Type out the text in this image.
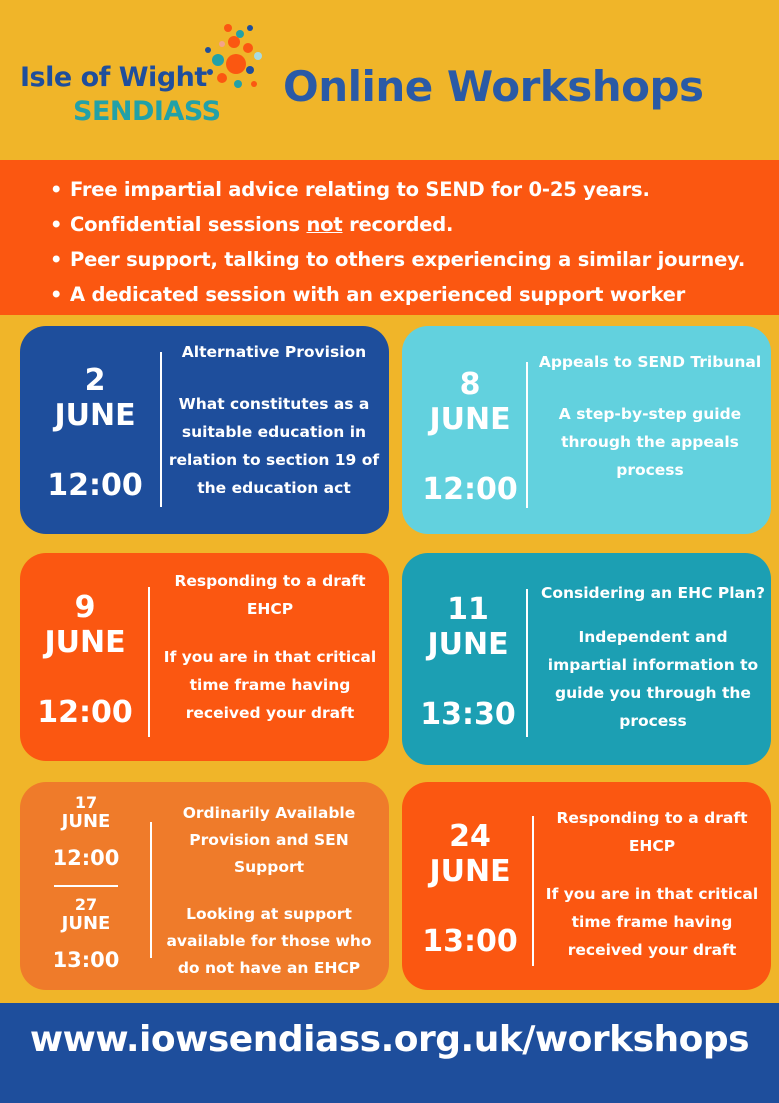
Isle of Wight
SENDIASS
Online Workshops
• Free impartial advice relating to SEND for 0-25 years.
• Confidential sessions not recorded.
• Peer support, talking to others experiencing a similar journey.
• A dedicated session with an experienced support worker
2
JUNE
12:00
Alternative Provision
What constitutes as a suitable education in relation to section 19 of the education act
8
JUNE
12:00
Appeals to SEND Tribunal
A step-by-step guide through the appeals process
9
JUNE
12:00
Responding to a draft EHCP
If you are in that critical time frame having received your draft
11
JUNE
13:30
Considering an EHC Plan?
Independent and impartial information to guide you through the process
17
JUNE
12:00
27
JUNE
13:00
Ordinarily Available Provision and SEN Support
Looking at support available for those who do not have an EHCP
24
JUNE
13:00
Responding to a draft EHCP
If you are in that critical time frame having received your draft
www.iowsendiass.org.uk/workshops
